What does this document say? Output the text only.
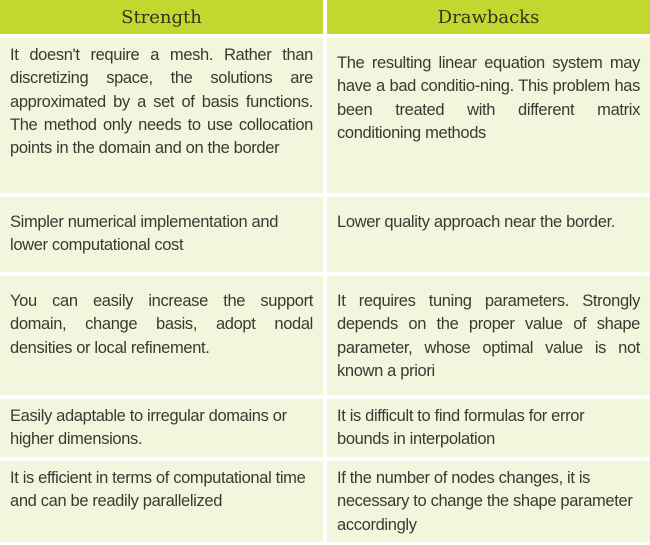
Strength	Drawbacks
It doesn't require a mesh. Rather than discretizing space, the solutions are approximated by a set of basis functions. The method only needs to use collocation points in the domain and on the border
The resulting linear equation system may have a bad conditio-ning. This problem has been treated with different matrix conditioning methods
Simpler numerical implementation and lower computational cost
Lower quality approach near the border.
You can easily increase the support domain, change basis, adopt nodal densities or local refinement.
It requires tuning parameters. Strongly depends on the proper value of shape parameter, whose optimal value is not known a priori
Easily adaptable to irregular domains or higher dimensions.
It is difficult to find formulas for error bounds in interpolation
It is efficient in terms of computational time and can be readily parallelized
If the number of nodes changes, it is necessary to change the shape parameter accordingly
